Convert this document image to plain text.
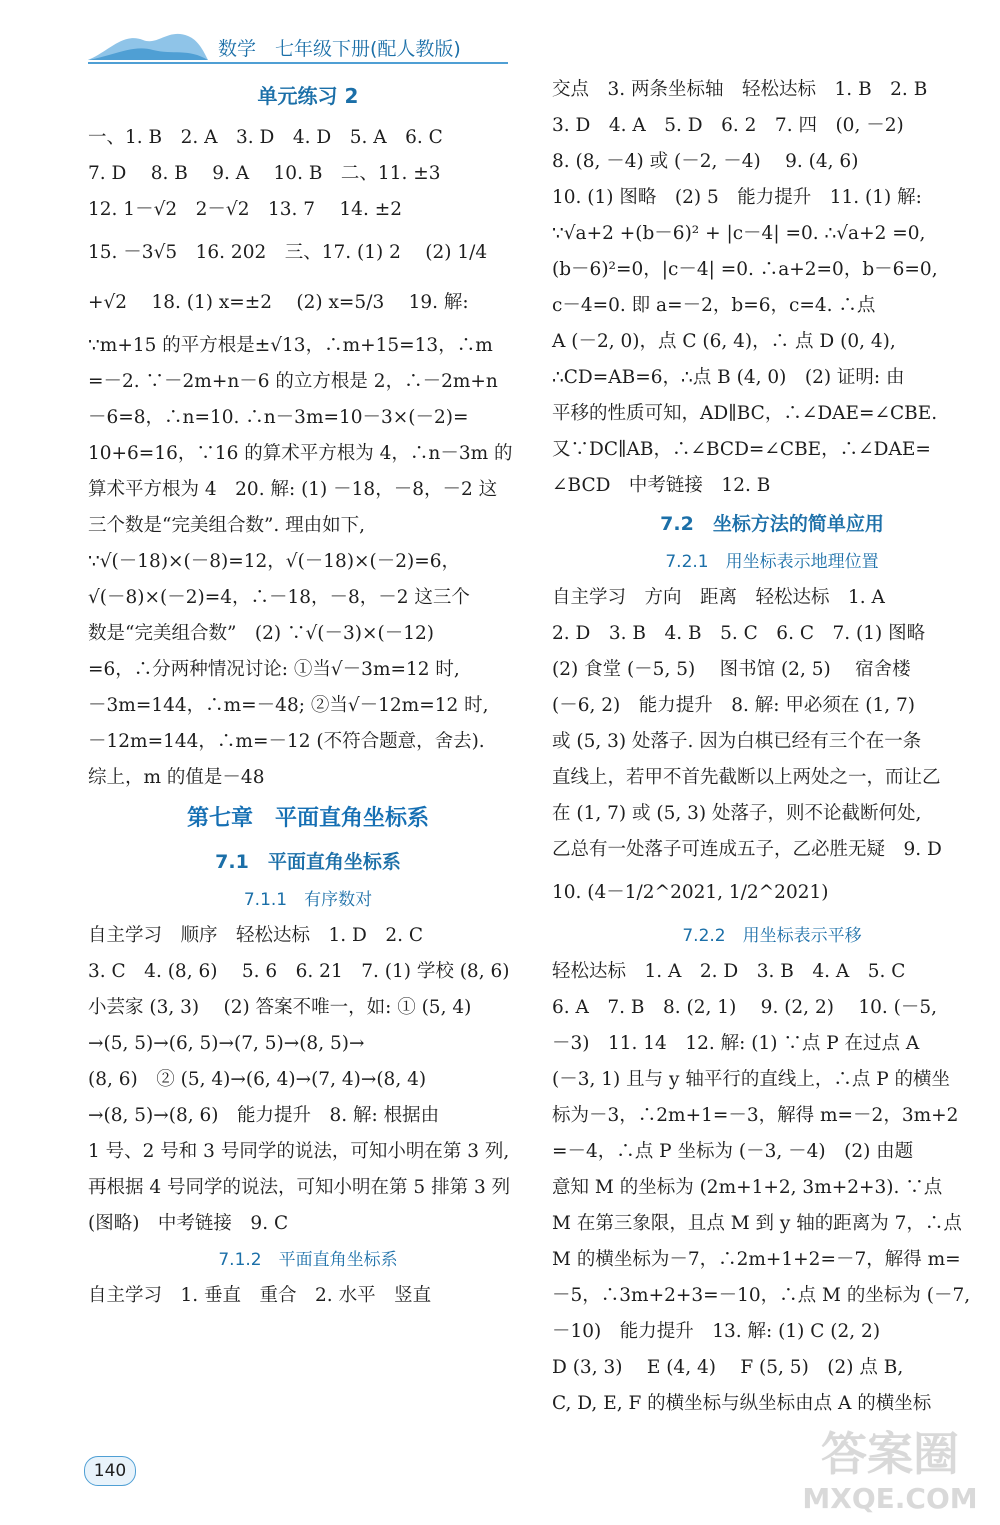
数学　七年级下册(配人教版)
单元练习 2
一、1. B　2. A　3. D　4. D　5. A　6. C
7. D　 8. B　 9. A　 10. B　二、11. ±3
12. 1－√2　2－√2　13. 7　 14. ±2
15. －3√5　16. 202　三、17. (1) 2　 (2) 1/4
+√2　 18. (1) x=±2　 (2) x=5/3　 19. 解:
∵m+15 的平方根是±√13，∴m+15=13，∴m
=－2. ∵－2m+n－6 的立方根是 2，∴－2m+n
－6=8，∴n=10. ∴n－3m=10－3×(－2)=
10+6=16，∵16 的算术平方根为 4，∴n－3m 的
算术平方根为 4　20. 解: (1) －18，－8，－2 这
三个数是“完美组合数”. 理由如下,
∵√(－18)×(－8)=12，√(－18)×(－2)=6，
√(－8)×(－2)=4，∴－18，－8，－2 这三个
数是“完美组合数”　(2) ∵√(－3)×(－12)
=6，∴分两种情况讨论: ①当√－3m=12 时,
－3m=144，∴m=－48; ②当√－12m=12 时,
－12m=144，∴m=－12 (不符合题意，舍去).
综上，m 的值是－48
第七章　平面直角坐标系
7.1　平面直角坐标系
7.1.1　有序数对
自主学习　顺序　轻松达标　1. D　2. C
3. C　4. (8, 6)　 5. 6　6. 21　7. (1) 学校 (8, 6)
小芸家 (3, 3)　 (2) 答案不唯一，如: ① (5, 4)
→(5, 5)→(6, 5)→(7, 5)→(8, 5)→
(8, 6)　② (5, 4)→(6, 4)→(7, 4)→(8, 4)
→(8, 5)→(8, 6)　能力提升　8. 解: 根据由
1 号、2 号和 3 号同学的说法，可知小明在第 3 列,
再根据 4 号同学的说法，可知小明在第 5 排第 3 列
(图略)　中考链接　9. C
7.1.2　平面直角坐标系
自主学习　1. 垂直　重合　2. 水平　竖直
交点　3. 两条坐标轴　轻松达标　1. B　2. B
3. D　4. A　5. D　6. 2　7. 四　(0, －2)
8. (8, －4) 或 (－2, －4)　 9. (4, 6)
10. (1) 图略　(2) 5　能力提升　11. (1) 解:
∵√a+2 +(b－6)² + |c－4| =0. ∴√a+2 =0,
(b－6)²=0，|c－4| =0. ∴a+2=0，b－6=0,
c－4=0. 即 a=－2，b=6，c=4. ∴点
A (－2, 0)，点 C (6, 4)，∴ 点 D (0, 4),
∴CD=AB=6，∴点 B (4, 0)　(2) 证明: 由
平移的性质可知，AD∥BC，∴∠DAE=∠CBE.
又∵DC∥AB，∴∠BCD=∠CBE，∴∠DAE=
∠BCD　中考链接　12. B
7.2　坐标方法的简单应用
7.2.1　用坐标表示地理位置
自主学习　方向　距离　轻松达标　1. A
2. D　3. B　4. B　5. C　6. C　7. (1) 图略
(2) 食堂 (－5, 5)　 图书馆 (2, 5)　 宿舍楼
(－6, 2)　能力提升　8. 解: 甲必须在 (1, 7)
或 (5, 3) 处落子. 因为白棋已经有三个在一条
直线上，若甲不首先截断以上两处之一，而让乙
在 (1, 7) 或 (5, 3) 处落子，则不论截断何处,
乙总有一处落子可连成五子，乙必胜无疑　9. D
10. (4－1/2^2021, 1/2^2021)
7.2.2　用坐标表示平移
轻松达标　1. A　2. D　3. B　4. A　5. C
6. A　7. B　8. (2, 1)　 9. (2, 2)　 10. (－5,
－3)　11. 14　12. 解: (1) ∵点 P 在过点 A
(－3, 1) 且与 y 轴平行的直线上，∴点 P 的横坐
标为－3，∴2m+1=－3，解得 m=－2，3m+2
=－4，∴点 P 坐标为 (－3, －4)　(2) 由题
意知 M 的坐标为 (2m+1+2, 3m+2+3). ∵点
M 在第三象限，且点 M 到 y 轴的距离为 7，∴点
M 的横坐标为－7，∴2m+1+2=－7，解得 m=
－5，∴3m+2+3=－10，∴点 M 的坐标为 (－7,
－10)　能力提升　13. 解: (1) C (2, 2)
D (3, 3)　 E (4, 4)　 F (5, 5)　(2) 点 B,
C, D, E, F 的横坐标与纵坐标由点 A 的横坐标
140	答案圈
MXQE.COM
